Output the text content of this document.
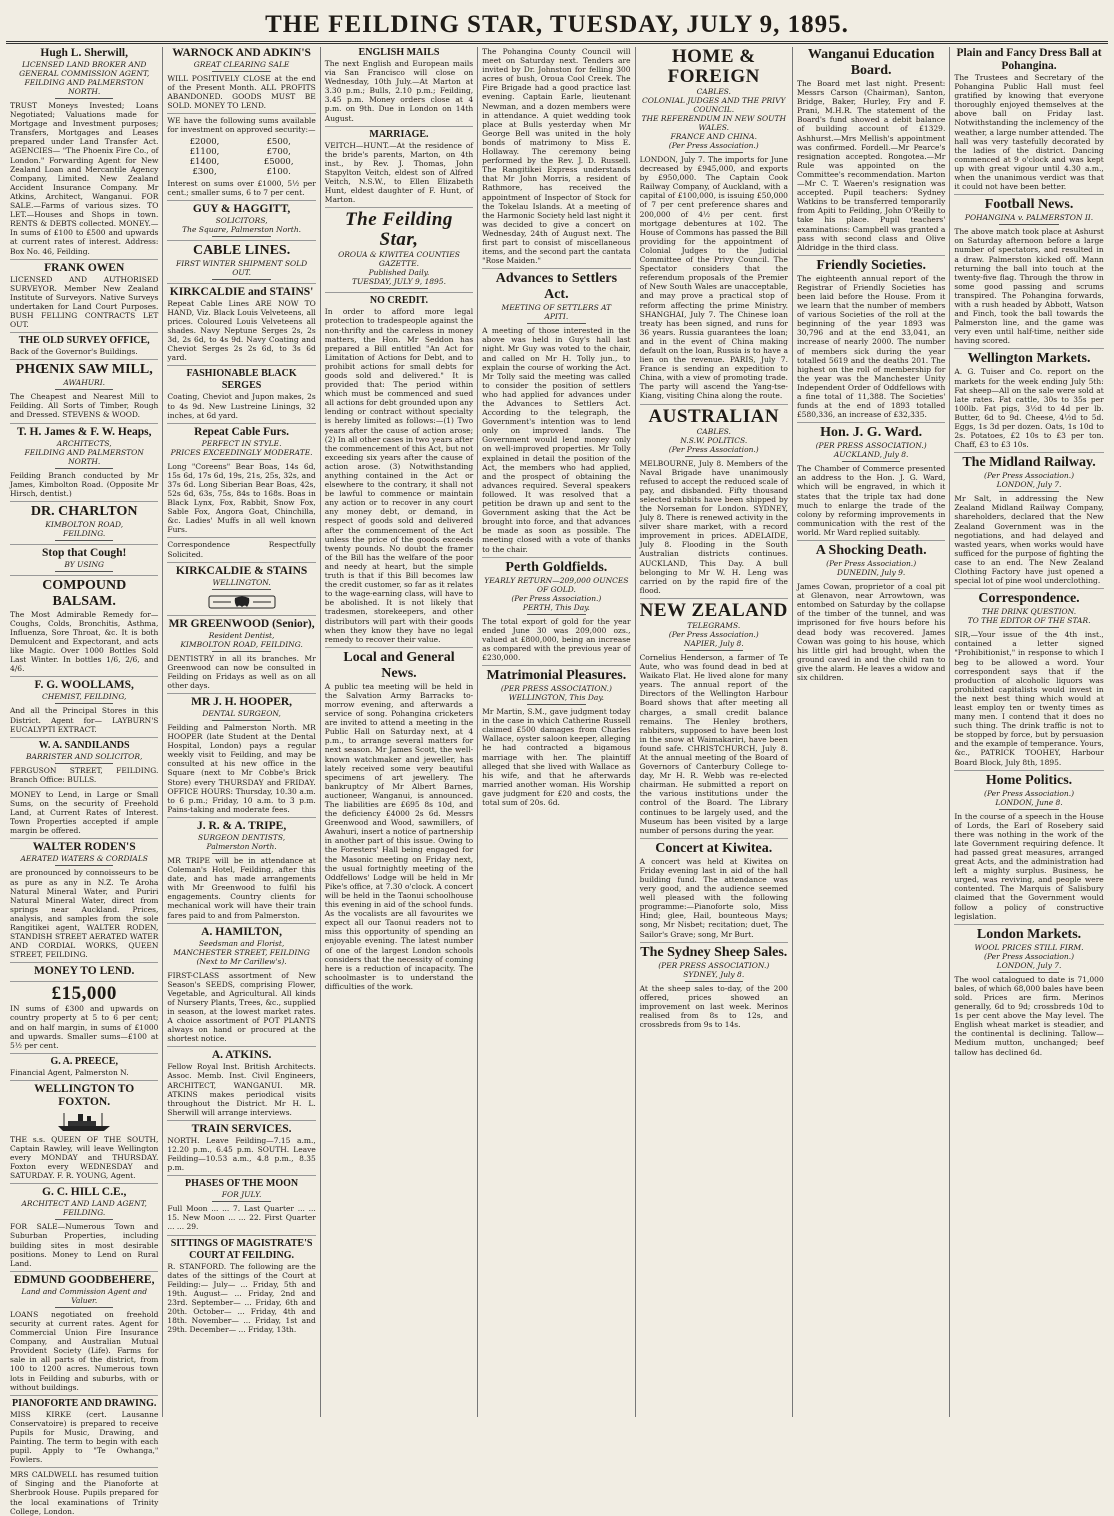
THE FEILDING STAR, TUESDAY, JULY 9, 1895.
Hugh L. Sherwill,
LICENSED LAND BROKER AND GENERAL COMMISSION AGENT, FEILDING AND PALMERSTON NORTH.
TRUST Moneys Invested; Loans Negotiated; Valuations made for Mortgage and Investment purposes; Transfers, Mortgages and Leases prepared under Land Transfer Act. AGENCIES— "The Phoenix Fire Co., of London." Forwarding Agent for New Zealand Loan and Mercantile Agency Company, Limited. New Zealand Accident Insurance Company. Mr Atkins, Architect, Wanganui. FOR SALE.—Farms of various sizes. TO LET.—Houses and Shops in town. RENTS & DEBTS collected. MONEY.—In sums of £100 to £500 and upwards at current rates of interest. Address: Box No. 46, Feilding.
FRANK OWEN
LICENSED AND AUTHORISED SURVEYOR. Member New Zealand Institute of Surveyors. Native Surveys undertaken for Land Court Purposes. BUSH FELLING CONTRACTS LET OUT.
THE OLD SURVEY OFFICE,
Back of the Governor's Buildings.
PHŒNIX SAW MILL,
AWAHURI.
The Cheapest and Nearest Mill to Feilding. All Sorts of Timber, Rough and Dressed. STEVENS & WOOD.
T. H. James & F. W. Heaps,
ARCHITECTS,
FEILDING AND PALMERSTON NORTH.
Feilding Branch conducted by Mr James, Kimbolton Road. (Opposite Mr Hirsch, dentist.)
DR. CHARLTON
KIMBOLTON ROAD,
FEILDING.
Stop that Cough!
BY USING
COMPOUND BALSAM.
The Most Admirable Remedy for—Coughs, Colds, Bronchitis, Asthma, Influenza, Sore Throat, &c. It is both Demulcent and Expectorant, and acts like Magic. Over 1000 Bottles Sold Last Winter. In bottles 1/6, 2/6, and 4/6.
F. G. WOOLLAMS,
CHEMIST, FEILDING,
And all the Principal Stores in this District. Agent for— LAYBURN'S EUCALYPTI EXTRACT.
W. A. SANDILANDS
BARRISTER AND SOLICITOR,
FERGUSON STREET, FEILDING. Branch Office: BULLS.
MONEY to Lend, in Large or Small Sums, on the security of Freehold Land, at Current Rates of Interest. Town Properties accepted if ample margin be offered.
WALTER RODEN'S
AERATED WATERS & CORDIALS
are pronounced by connoisseurs to be as pure as any in N.Z. Te Aroha Natural Mineral Water, and Puriri Natural Mineral Water, direct from springs near Auckland. Prices, analysis, and samples from the sole Rangitikei agent, WALTER RODEN, STANDISH STREET AERATED WATER AND CORDIAL WORKS, QUEEN STREET, FEILDING.
MONEY TO LEND.
£15,000
IN sums of £300 and upwards on country property at 5 to 6 per cent; and on half margin, in sums of £1000 and upwards. Smaller sums—£100 at 5½ per cent.
G. A. PREECE,
Financial Agent, Palmerston N.
WELLINGTON TO FOXTON.
THE s.s. QUEEN OF THE SOUTH, Captain Rawley, will leave Wellington every MONDAY and THURSDAY. Foxton every WEDNESDAY and SATURDAY. F. R. YOUNG, Agent.
G. C. HILL C.E.,
ARCHITECT AND LAND AGENT,
FEILDING.
FOR SALE—Numerous Town and Suburban Properties, including building sites in most desirable positions. Money to Lend on Rural Land.
EDMUND GOODBEHERE,
Land and Commission Agent and Valuer.
LOANS negotiated on freehold security at current rates. Agent for Commercial Union Fire Insurance Company, and Australian Mutual Provident Society (Life). Farms for sale in all parts of the district, from 100 to 1200 acres. Numerous town lots in Feilding and suburbs, with or without buildings.
PIANOFORTE AND DRAWING.
MISS KIRKE (cert. Lausanne Conservatoire) is prepared to receive Pupils for Music, Drawing, and Painting. The term to begin with each pupil. Apply to "Te Owhanga," Fowlers.
MRS CALDWELL has resumed tuition of Singing and the Pianoforte at Sherbrook House. Pupils prepared for the local examinations of Trinity College, London.
WARNOCK AND ADKIN'S
GREAT CLEARING SALE
WILL POSITIVELY CLOSE at the end of the Present Month. ALL PROFITS ABANDONED. GOODS MUST BE SOLD. MONEY TO LEND.
WE have the following sums available for investment on approved security:—
£2000,	£500,
£1100,	£700,
£1400,	£5000,
£300,	£100.
Interest on sums over £1000, 5½ per cent.; smaller sums, 6 to 7 per cent.
GUY & HAGGITT,
SOLICITORS,
The Square, Palmerston North.
CABLE LINES.
FIRST WINTER SHIPMENT SOLD OUT.
KIRKCALDIE and STAINS'
Repeat Cable Lines ARE NOW TO HAND, Viz. Black Louis Velveteens, all prices. Coloured Louis Velveteens all shades. Navy Neptune Serges 2s, 2s 3d, 2s 6d, to 4s 9d. Navy Coating and Cheviot Serges 2s 2s 6d, to 3s 6d yard.
FASHIONABLE BLACK SERGES
Coating, Cheviot and Jupon makes, 2s to 4s 9d. New Lustreine Linings, 32 inches, at 6d yard.
Repeat Cable Furs.
PERFECT IN STYLE.
PRICES EXCEEDINGLY MODERATE.
Long "Coreens" Bear Boas, 14s 6d, 15s 6d, 17s 6d, 19s, 21s, 25s, 32s, and 37s 6d. Long Siberian Bear Boas, 42s, 52s 6d, 63s, 75s, 84s to 168s. Boas in Black Lynx, Fox, Rabbit, Snow Fox, Sable Fox, Angora Goat, Chinchilla, &c. Ladies' Muffs in all well known Furs.
Correspondence Respectfully Solicited.
KIRKCALDIE & STAINS
WELLINGTON.
MR GREENWOOD (Senior),
Resident Dentist,
KIMBOLTON ROAD, FEILDING.
DENTISTRY in all its branches. Mr Greenwood can now be consulted in Feilding on Fridays as well as on all other days.
MR J. H. HOOPER,
DENTAL SURGEON,
Feilding and Palmerston North. MR HOOPER (late Student at the Dental Hospital, London) pays a regular weekly visit to Feilding, and may be consulted at his new office in the Square (next to Mr Cobbe's Brick Store) every THURSDAY and FRIDAY. OFFICE HOURS: Thursday, 10.30 a.m. to 6 p.m.; Friday, 10 a.m. to 3 p.m. Pains-taking and moderate fees.
J. R. & A. TRIPE,
SURGEON DENTISTS,
Palmerston North.
MR TRIPE will be in attendance at Coleman's Hotel, Feilding, after this date, and has made arrangements with Mr Greenwood to fulfil his engagements. Country clients for mechanical work will have their train fares paid to and from Palmerston.
A. HAMILTON,
Seedsman and Florist,
MANCHESTER STREET, FEILDING
(Next to Mr Carillew's).
FIRST-CLASS assortment of New Season's SEEDS, comprising Flower, Vegetable, and Agricultural. All kinds of Nursery Plants, Trees, &c., supplied in season, at the lowest market rates. A choice assortment of POT PLANTS always on hand or procured at the shortest notice.
A. ATKINS.
Fellow Royal Inst. British Architects. Assoc. Memb. Inst. Civil Engineers, ARCHITECT, WANGANUI. MR. ATKINS makes periodical visits throughout the District. Mr H. L. Sherwill will arrange interviews.
TRAIN SERVICES.
NORTH. Leave Feilding—7.15 a.m., 12.20 p.m., 6.45 p.m. SOUTH. Leave Feilding—10.53 a.m., 4.8 p.m., 8.35 p.m.
PHASES OF THE MOON
FOR JULY.
Full Moon ... ... 7. Last Quarter ... ... 15. New Moon ... ... 22. First Quarter ... ... 29.
SITTINGS OF MAGISTRATE'S COURT AT FEILDING.
R. STANFORD. The following are the dates of the sittings of the Court at Feilding:— July— ... Friday, 5th and 19th. August— ... Friday, 2nd and 23rd. September— ... Friday, 6th and 20th. October— ... Friday, 4th and 18th. November— ... Friday, 1st and 29th. December— ... Friday, 13th.
ENGLISH MAILS
The next English and European mails via San Francisco will close on Wednesday, 10th July.—At Marton at 3.30 p.m.; Bulls, 2.10 p.m.; Feilding, 3.45 p.m. Money orders close at 4 p.m. on 9th. Due in London on 14th August.
MARRIAGE.
VEITCH—HUNT.—At the residence of the bride's parents, Marton, on 4th inst., by Rev. J. Thomas, John Stapylton Veitch, eldest son of Alfred Veitch, N.S.W., to Ellen Elizabeth Hunt, eldest daughter of F. Hunt, of Marton.
The Feilding Star,
OROUA & KIWITEA COUNTIES GAZETTE.
Published Daily.
TUESDAY, JULY 9, 1895.
NO CREDIT.
In order to afford more legal protection to tradespeople against the non-thrifty and the careless in money matters, the Hon. Mr Seddon has prepared a Bill entitled "An Act for Limitation of Actions for Debt, and to prohibit actions for small debts for goods sold and delivered." It is provided that: The period within which must be commenced and sued all actions for debt grounded upon any lending or contract without specialty is hereby limited as follows:—(1) Two years after the cause of action arose; (2) In all other cases in two years after the commencement of this Act, but not exceeding six years after the cause of action arose. (3) Notwithstanding anything contained in the Act or elsewhere to the contrary, it shall not be lawful to commence or maintain any action or to recover in any court any money debt, or demand, in respect of goods sold and delivered after the commencement of the Act unless the price of the goods exceeds twenty pounds. No doubt the framer of the Bill has the welfare of the poor and needy at heart, but the simple truth is that if this Bill becomes law the credit customer, so far as it relates to the wage-earning class, will have to be abolished. It is not likely that tradesmen, storekeepers, and other distributors will part with their goods when they know they have no legal remedy to recover their value.
Local and General News.
A public tea meeting will be held in the Salvation Army Barracks to-morrow evening, and afterwards a service of song. Pohangina cricketers are invited to attend a meeting in the Public Hall on Saturday next, at 4 p.m., to arrange several matters for next season. Mr James Scott, the well-known watchmaker and jeweller, has lately received some very beautiful specimens of art jewellery. The bankruptcy of Mr Albert Barnes, auctioneer, Wanganui, is announced. The liabilities are £695 8s 10d, and the deficiency £4000 2s 6d. Messrs Greenwood and Wood, sawmillers, of Awahuri, insert a notice of partnership in another part of this issue. Owing to the Foresters' Hall being engaged for the Masonic meeting on Friday next, the usual fortnightly meeting of the Oddfellows' Lodge will be held in Mr Pike's office, at 7.30 o'clock. A concert will be held in the Taonui schoolhouse this evening in aid of the school funds. As the vocalists are all favourites we expect all our Taonui readers not to miss this opportunity of spending an enjoyable evening. The latest number of one of the largest London schools considers that the necessity of coming here is a reduction of incapacity. The schoolmaster is to understand the difficulties of the work.
The Pohangina County Council will meet on Saturday next. Tenders are invited by Dr. Johnston for felling 300 acres of bush, Oroua Cool Creek. The Fire Brigade had a good practice last evening. Captain Earle, lieutenant Newman, and a dozen members were in attendance. A quiet wedding took place at Bulls yesterday when Mr George Bell was united in the holy bonds of matrimony to Miss E. Hollaway. The ceremony being performed by the Rev. J. D. Russell. The Rangitikei Express understands that Mr John Morris, a resident of Rathmore, has received the appointment of Inspector of Stock for the Tokelau Islands. At a meeting of the Harmonic Society held last night it was decided to give a concert on Wednesday, 24th of August next. The first part to consist of miscellaneous items, and the second part the cantata "Rose Maiden."
Advances to Settlers Act.
MEETING OF SETTLERS AT
APITI.
A meeting of those interested in the above was held in Guy's hall last night. Mr Guy was voted to the chair, and called on Mr H. Tolly jun., to explain the course of working the Act. Mr Tolly said the meeting was called to consider the position of settlers who had applied for advances under the Advances to Settlers Act. According to the telegraph, the Government's intention was to lend only on improved lands. The Government would lend money only on well-improved properties. Mr Tolly explained in detail the position of the Act, the members who had applied, and the prospect of obtaining the advances required. Several speakers followed. It was resolved that a petition be drawn up and sent to the Government asking that the Act be brought into force, and that advances be made as soon as possible. The meeting closed with a vote of thanks to the chair.
Perth Goldfields.
YEARLY RETURN—209,000 OUNCES OF GOLD.
(Per Press Association.)
PERTH, This Day.
The total export of gold for the year ended June 30 was 209,000 ozs., valued at £800,000, being an increase as compared with the previous year of £230,000.
Matrimonial Pleasures.
(PER PRESS ASSOCIATION.)
WELLINGTON, This Day.
Mr Martin, S.M., gave judgment today in the case in which Catherine Russell claimed £500 damages from Charles Wallace, oyster saloon keeper, alleging he had contracted a bigamous marriage with her. The plaintiff alleged that she lived with Wallace as his wife, and that he afterwards married another woman. His Worship gave judgment for £20 and costs, the total sum of 20s. 6d.
HOME & FOREIGN
CABLES.
COLONIAL JUDGES AND THE PRIVY COUNCIL.
THE REFERENDUM IN NEW SOUTH WALES.
FRANCE AND CHINA.
(Per Press Association.)
LONDON, July 7. The imports for June decreased by £945,000, and exports by £950,000. The Captain Cook Railway Company, of Auckland, with a capital of £100,000, is issuing £50,000 of 7 per cent preference shares and 200,000 of 4½ per cent. first mortgage debentures at 102. The House of Commons has passed the Bill providing for the appointment of Colonial Judges to the Judicial Committee of the Privy Council. The Spectator considers that the referendum proposals of the Premier of New South Wales are unacceptable, and may prove a practical stop of reform affecting the prime Ministry. SHANGHAI, July 7. The Chinese loan treaty has been signed, and runs for 36 years. Russia guarantees the loan; and in the event of China making default on the loan, Russia is to have a lien on the revenue. PARIS, July 7. France is sending an expedition to China, with a view of promoting trade. The party will ascend the Yang-tse-Kiang, visiting China along the route.
AUSTRALIAN
CABLES.
N.S.W. POLITICS.
(Per Press Association.)
MELBOURNE, July 8. Members of the Naval Brigade have unanimously refused to accept the reduced scale of pay, and disbanded. Fifty thousand selected rabbits have been shipped by the Norseman for London. SYDNEY, July 8. There is renewed activity in the silver share market, with a record improvement in prices. ADELAIDE, July 8. Flooding in the South Australian districts continues. AUCKLAND, This Day. A bull belonging to Mr W. H. Leng was carried on by the rapid fire of the flood.
NEW ZEALAND
TELEGRAMS.
(Per Press Association.)
NAPIER, July 8.
Cornelius Henderson, a farmer of Te Aute, who was found dead in bed at Waikato Flat. He lived alone for many years. The annual report of the Directors of the Wellington Harbour Board shows that after meeting all charges, a small credit balance remains. The Henley brothers, rabbiters, supposed to have been lost in the snow at Waimakariri, have been found safe. CHRISTCHURCH, July 8. At the annual meeting of the Board of Governors of Canterbury College to-day, Mr H. R. Webb was re-elected chairman. He submitted a report on the various institutions under the control of the Board. The Library continues to be largely used, and the Museum has been visited by a large number of persons during the year.
Concert at Kiwitea.
A concert was held at Kiwitea on Friday evening last in aid of the hall building fund. The attendance was very good, and the audience seemed well pleased with the following programme:—Pianoforte solo, Miss Hind; glee, Hail, bounteous Mays; song, Mr Nisbet; recitation; duet, The Sailor's Grave; song, Mr Burt.
The Sydney Sheep Sales.
(PER PRESS ASSOCIATION.)
SYDNEY, July 8.
At the sheep sales to-day, of the 200 offered, prices showed an improvement on last week. Merinos realised from 8s to 12s, and crossbreds from 9s to 14s.
Wanganui Education Board.
The Board met last night. Present: Messrs Carson (Chairman), Santon, Bridge, Baker, Hurley, Fry and F. Prani, M.H.R. The statement of the Board's fund showed a debit balance of building account of £1329. Ashhurst.—Mrs Mellish's appointment was confirmed. Fordell.—Mr Pearce's resignation accepted. Rongotea.—Mr Rule was appointed on the Committee's recommendation. Marton—Mr C. T. Waeren's resignation was accepted. Pupil teachers: Sydney Watkins to be transferred temporarily from Apiti to Feilding, John O'Reilly to take his place. Pupil teachers' examinations: Campbell was granted a pass with second class and Olive Aldridge in the third class.
Friendly Societies.
The eighteenth annual report of the Registrar of Friendly Societies has been laid before the House. From it we learn that the number of members of various Societies of the roll at the beginning of the year 1893 was 30,796 and at the end 33,041, an increase of nearly 2000. The number of members sick during the year totalled 5619 and the deaths 201. The highest on the roll of membership for the year was the Manchester Unity Independent Order of Oddfellows with a fine total of 11,388. The Societies' funds at the end of 1893 totalled £580,336, an increase of £32,335.
Hon. J. G. Ward.
(PER PRESS ASSOCIATION.)
AUCKLAND, July 8.
The Chamber of Commerce presented an address to the Hon. J. G. Ward, which will be engraved, in which it states that the triple tax had done much to enlarge the trade of the colony by reforming improvements in communication with the rest of the world. Mr Ward replied suitably.
A Shocking Death.
(Per Press Association.)
DUNEDIN, July 9.
James Cowan, proprietor of a coal pit at Glenavon, near Arrowtown, was entombed on Saturday by the collapse of the timber of the tunnel, and was imprisoned for five hours before his dead body was recovered. James Cowan was going to his house, which his little girl had brought, when the ground caved in and the child ran to give the alarm. He leaves a widow and six children.
Plain and Fancy Dress Ball at Pohangina.
The Trustees and Secretary of the Pohangina Public Hall must feel gratified by knowing that everyone thoroughly enjoyed themselves at the above ball on Friday last. Notwithstanding the inclemency of the weather, a large number attended. The hall was very tastefully decorated by the ladies of the district. Dancing commenced at 9 o'clock and was kept up with great vigour until 4.30 a.m., when the unanimous verdict was that it could not have been better.
Football News.
POHANGINA v. PALMERSTON II.
The above match took place at Ashurst on Saturday afternoon before a large number of spectators, and resulted in a draw. Palmerston kicked off. Mann returning the ball into touch at the twenty-five flag. Through the throw in some good passing and scrums transpired. The Pohangina forwards, with a rush headed by Abbott, Watson and Finch, took the ball towards the Palmerston line, and the game was very even until half-time, neither side having scored.
Wellington Markets.
A. G. Tuiser and Co. report on the markets for the week ending July 5th: Fat sheep—All on the sale were sold at late rates. Fat cattle, 30s to 35s per 100lb. Fat pigs, 3½d to 4d per lb. Butter, 6d to 9d. Cheese, 4½d to 5d. Eggs, 1s 3d per dozen. Oats, 1s 10d to 2s. Potatoes, £2 10s to £3 per ton. Chaff, £3 to £3 10s.
The Midland Railway.
(Per Press Association.)
LONDON, July 7.
Mr Salt, in addressing the New Zealand Midland Railway Company, shareholders, declared that the New Zealand Government was in the negotiations, and had delayed and wasted years, when works would have sufficed for the purpose of fighting the case to an end. The New Zealand Clothing Factory have just opened a special lot of pine wool underclothing.
Correspondence.
THE DRINK QUESTION.
TO THE EDITOR OF THE STAR.
SIR,—Your issue of the 4th inst., contained a letter signed "Prohibitionist," in response to which I beg to be allowed a word. Your correspondent says that if the production of alcoholic liquors was prohibited capitalists would invest in the next best thing which would at least employ ten or twenty times as many men. I contend that it does no such thing. The drink traffic is not to be stopped by force, but by persuasion and the example of temperance. Yours, &c., PATRICK TOOHEY, Harbour Board Block, July 8th, 1895.
Home Politics.
(Per Press Association.)
LONDON, June 8.
In the course of a speech in the House of Lords, the Earl of Rosebery said there was nothing in the work of the late Government requiring defence. It had passed great measures, arranged great Acts, and the administration had left a mighty surplus. Business, he urged, was reviving, and people were contented. The Marquis of Salisbury claimed that the Government would follow a policy of constructive legislation.
London Markets.
WOOL PRICES STILL FIRM.
(Per Press Association.)
LONDON, July 7.
The wool catalogued to date is 71,000 bales, of which 68,000 bales have been sold. Prices are firm. Merinos generally, 6d to 9d; crossbreds 10d to 1s per cent above the May level. The English wheat market is steadier, and the continental is declining. Tallow—Medium mutton, unchanged; beef tallow has declined 6d.
